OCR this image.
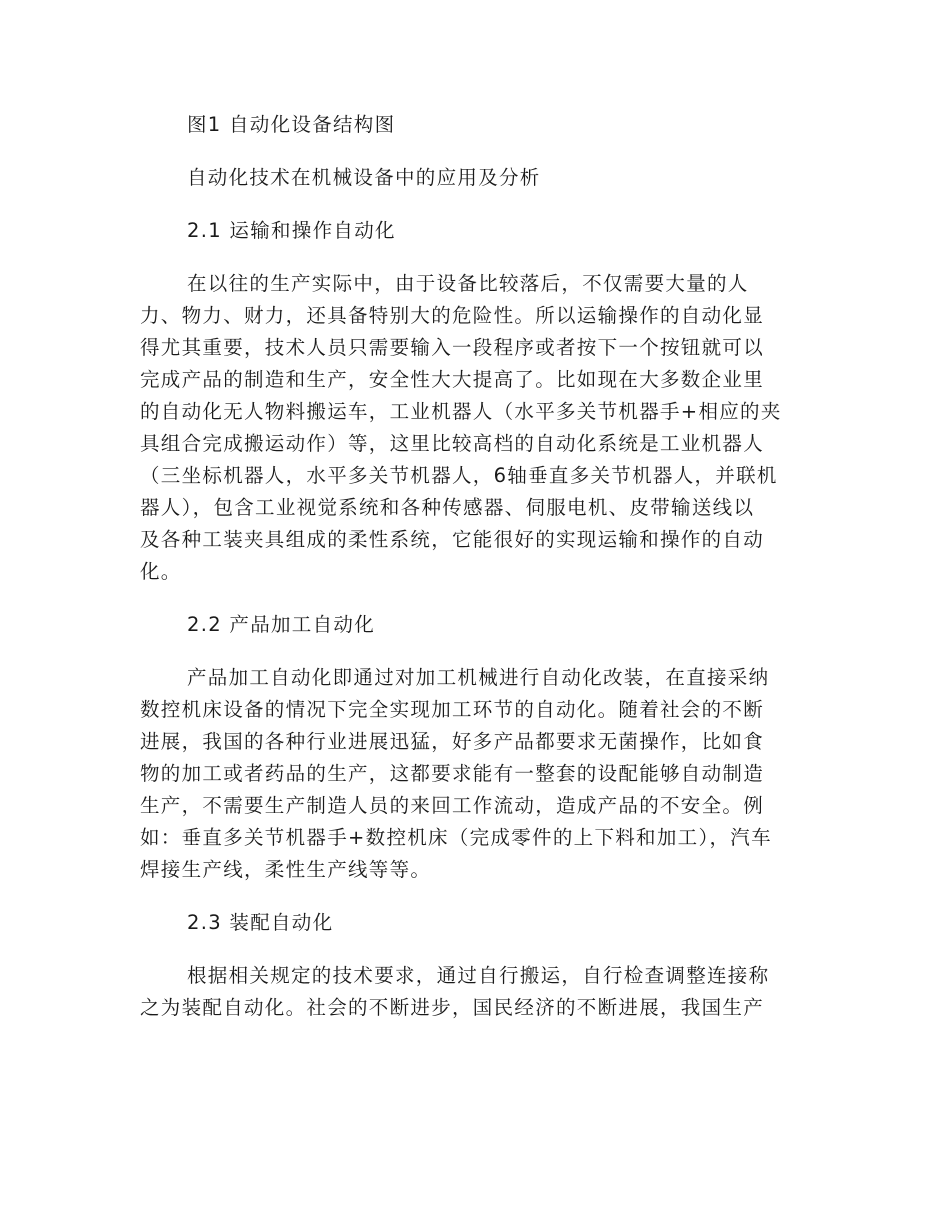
图1 自动化设备结构图
自动化技术在机械设备中的应用及分析
2.1 运输和操作自动化
在以往的生产实际中，由于设备比较落后，不仅需要大量的人
力、物力、财力，还具备特别大的危险性。所以运输操作的自动化显
得尤其重要，技术人员只需要输入一段程序或者按下一个按钮就可以
完成产品的制造和生产，安全性大大提高了。比如现在大多数企业里
的自动化无人物料搬运车，工业机器人（水平多关节机器手+相应的夹
具组合完成搬运动作）等，这里比较高档的自动化系统是工业机器人
（三坐标机器人，水平多关节机器人，6轴垂直多关节机器人，并联机
器人），包含工业视觉系统和各种传感器、伺服电机、皮带输送线以
及各种工装夹具组成的柔性系统，它能很好的实现运输和操作的自动
化。
2.2 产品加工自动化
产品加工自动化即通过对加工机械进行自动化改装，在直接采纳
数控机床设备的情况下完全实现加工环节的自动化。随着社会的不断
进展，我国的各种行业进展迅猛，好多产品都要求无菌操作，比如食
物的加工或者药品的生产，这都要求能有一整套的设配能够自动制造
生产，不需要生产制造人员的来回工作流动，造成产品的不安全。例
如：垂直多关节机器手+数控机床（完成零件的上下料和加工），汽车
焊接生产线，柔性生产线等等。
2.3 装配自动化
根据相关规定的技术要求，通过自行搬运，自行检查调整连接称
之为装配自动化。社会的不断进步，国民经济的不断进展，我国生产
